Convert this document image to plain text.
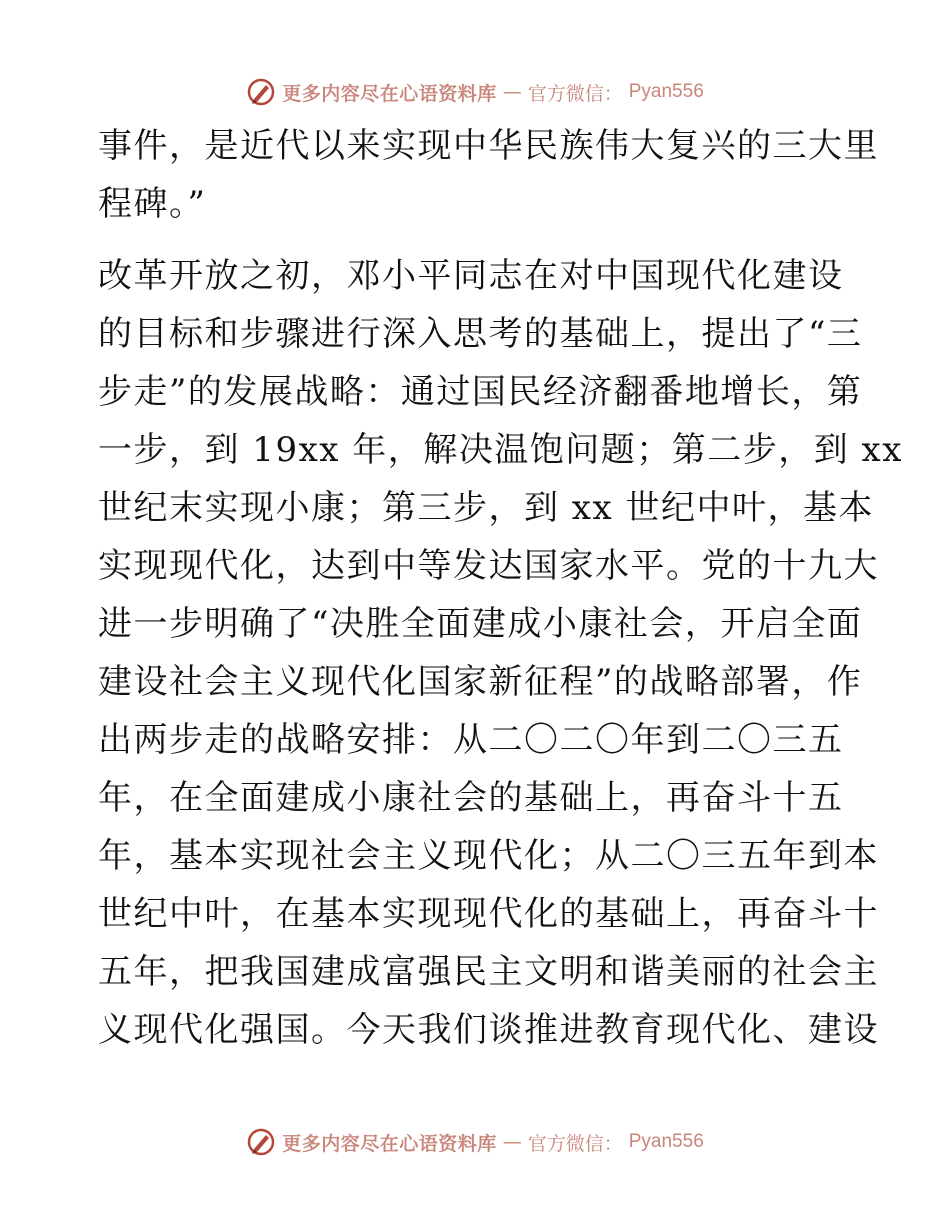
更多内容尽在心语资料库 — 官方微信： Pyan556
事件，是近代以来实现中华民族伟大复兴的三大里
程碑。”
改革开放之初，邓小平同志在对中国现代化建设
的目标和步骤进行深入思考的基础上，提出了“三
步走”的发展战略：通过国民经济翻番地增长，第
一步，到 19xx 年，解决温饱问题；第二步，到 xx
世纪末实现小康；第三步，到 xx 世纪中叶，基本
实现现代化，达到中等发达国家水平。党的十九大
进一步明确了“决胜全面建成小康社会，开启全面
建设社会主义现代化国家新征程”的战略部署，作
出两步走的战略安排：从二〇二〇年到二〇三五
年，在全面建成小康社会的基础上，再奋斗十五
年，基本实现社会主义现代化；从二〇三五年到本
世纪中叶，在基本实现现代化的基础上，再奋斗十
五年，把我国建成富强民主文明和谐美丽的社会主
义现代化强国。今天我们谈推进教育现代化、建设
更多内容尽在心语资料库 — 官方微信： Pyan556
